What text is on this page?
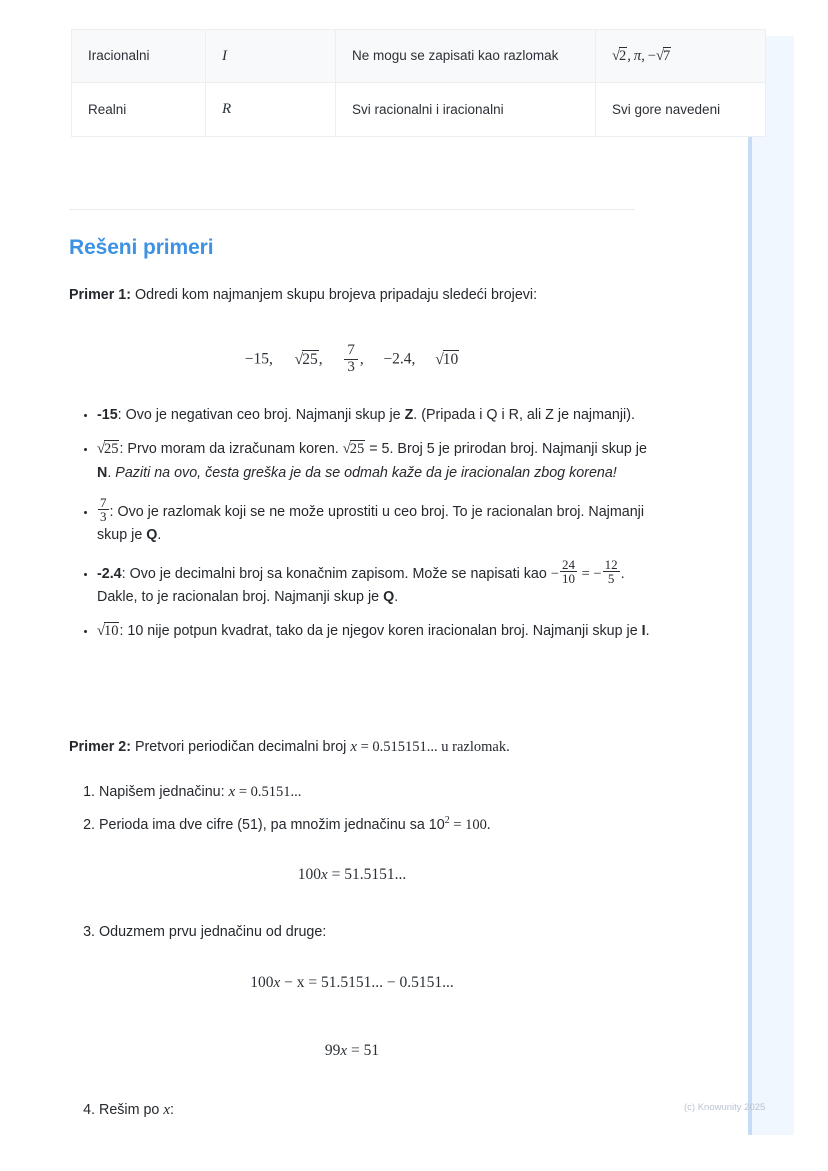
Iracionalni	I	Ne mogu se zapisati kao razlomak	√2, π, −√7
Realni	R	Svi racionalni i iracionalni	Svi gore navedeni
Rešeni primeri
Primer 1: Odredi kom najmanjem skupu brojeva pripadaju sledeći brojevi:
−15, √25, $\frac{7}{3}$ , −2.4, √10
• -15: Ovo je negativan ceo broj. Najmanji skup je Z. (Pripada i Q i R, ali Z je najmanji).
• √25: Prvo moram da izračunam koren. √25 = 5. Broj 5 je prirodan broj. Najmanji skup je N. Paziti na ovo, česta greška je da se odmah kaže da je iracionalan zbog korena!
• $\frac{7}{3}$ : Ovo je razlomak koji se ne može uprostiti u ceo broj. To je racionalan broj. Najmanji skup je Q.
• -2.4: Ovo je decimalni broj sa konačnim zapisom. Može se napisati kao − $\frac{24}{10}$ = − $\frac{12}{5}$ . Dakle, to je racionalan broj. Najmanji skup je Q.
• √10: 10 nije potpun kvadrat, tako da je njegov koren iracionalan broj. Najmanji skup je I.
Primer 2: Pretvori periodičan decimalni broj x = 0.515151... u razlomak.
1. Napišem jednačinu: x = 0.5151...
2. Perioda ima dve cifre (51), pa množim jednačinu sa $10^2 = 100$.
100x = 51.5151...
3. Oduzmem prvu jednačinu od druge:
100x − x = 51.5151... − 0.5151...
99x = 51
4. Rešim po x:	(c) Knowunity 2025
